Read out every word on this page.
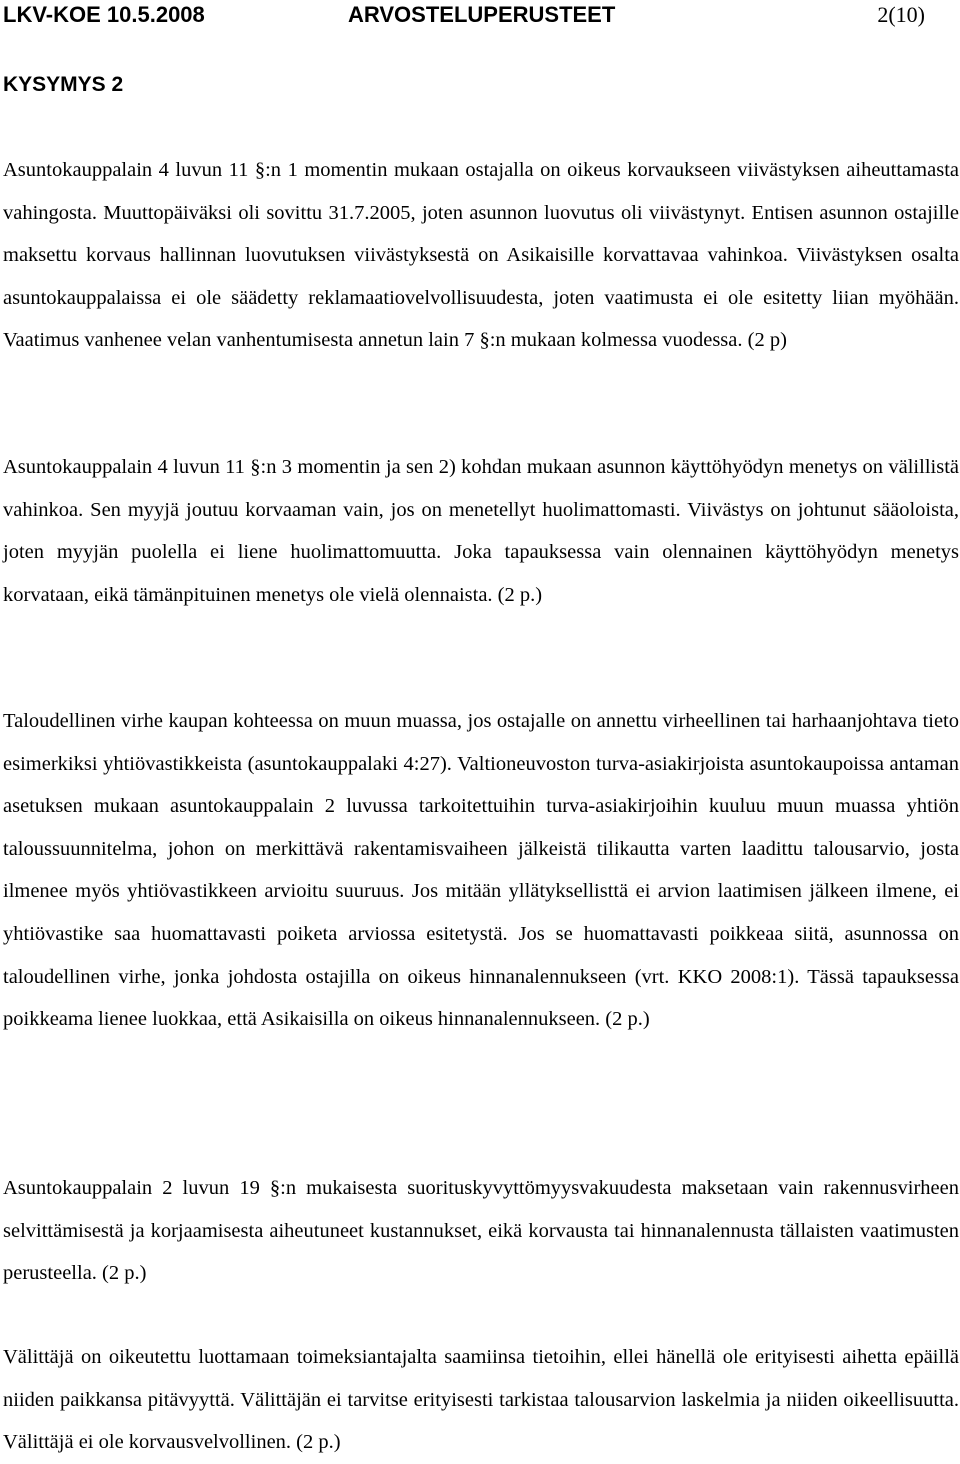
LKV-KOE 10.5.2008	ARVOSTELUPERUSTEET	2(10)
KYSYMYS 2

Asuntokauppalain 4 luvun 11 §:n 1 momentin mukaan ostajalla on oikeus korvaukseen viivästyksen aiheuttamasta vahingosta. Muuttopäiväksi oli sovittu 31.7.2005, joten asunnon luovutus oli viivästynyt. Entisen asunnon ostajille maksettu korvaus hallinnan luovutuksen viivästyksestä on Asikaisille korvattavaa vahinkoa. Viivästyksen osalta asuntokauppalaissa ei ole säädetty reklamaatiovelvollisuudesta, joten vaatimusta ei ole esitetty liian myöhään. Vaatimus vanhenee velan vanhentumisesta annetun lain 7 §:n mukaan kolmessa vuodessa. (2 p)

Asuntokauppalain 4 luvun 11 §:n 3 momentin ja sen 2) kohdan mukaan asunnon käyttöhyödyn menetys on välillistä vahinkoa. Sen myyjä joutuu korvaaman vain, jos on menetellyt huolimattomasti. Viivästys on johtunut sääoloista, joten myyjän puolella ei liene huolimattomuutta. Joka tapauksessa vain olennainen käyttöhyödyn menetys korvataan, eikä tämänpituinen menetys ole vielä olennaista. (2 p.)

Taloudellinen virhe kaupan kohteessa on muun muassa, jos ostajalle on annettu virheellinen tai harhaanjohtava tieto esimerkiksi yhtiövastikkeista (asuntokauppalaki 4:27). Valtioneuvoston turva-asiakirjoista asuntokaupoissa antaman asetuksen mukaan asuntokauppalain 2 luvussa tarkoitettuihin turva-asiakirjoihin kuuluu muun muassa yhtiön taloussuunnitelma, johon on merkittävä rakentamisvaiheen jälkeistä tilikautta varten laadittu talousarvio, josta ilmenee myös yhtiövastikkeen arvioitu suuruus. Jos mitään yllätyksellisttä ei arvion laatimisen jälkeen ilmene, ei yhtiövastike saa huomattavasti poiketa arviossa esitetystä. Jos se huomattavasti poikkeaa siitä, asunnossa on taloudellinen virhe, jonka johdosta ostajilla on oikeus hinnanalennukseen (vrt. KKO 2008:1). Tässä tapauksessa poikkeama lienee luokkaa, että Asikaisilla on oikeus hinnanalennukseen. (2 p.)

Asuntokauppalain 2 luvun 19 §:n mukaisesta suorituskyvyttömyysvakuudesta maksetaan vain rakennusvirheen selvittämisestä ja korjaamisesta aiheutuneet kustannukset, eikä korvausta tai hinnanalennusta tällaisten vaatimusten perusteella. (2 p.)

Välittäjä on oikeutettu luottamaan toimeksiantajalta saamiinsa tietoihin, ellei hänellä ole erityisesti aihetta epäillä niiden paikkansa pitävyyttä. Välittäjän ei tarvitse erityisesti tarkistaa talousarvion laskelmia ja niiden oikeellisuutta. Välittäjä ei ole korvausvelvollinen. (2 p.)
